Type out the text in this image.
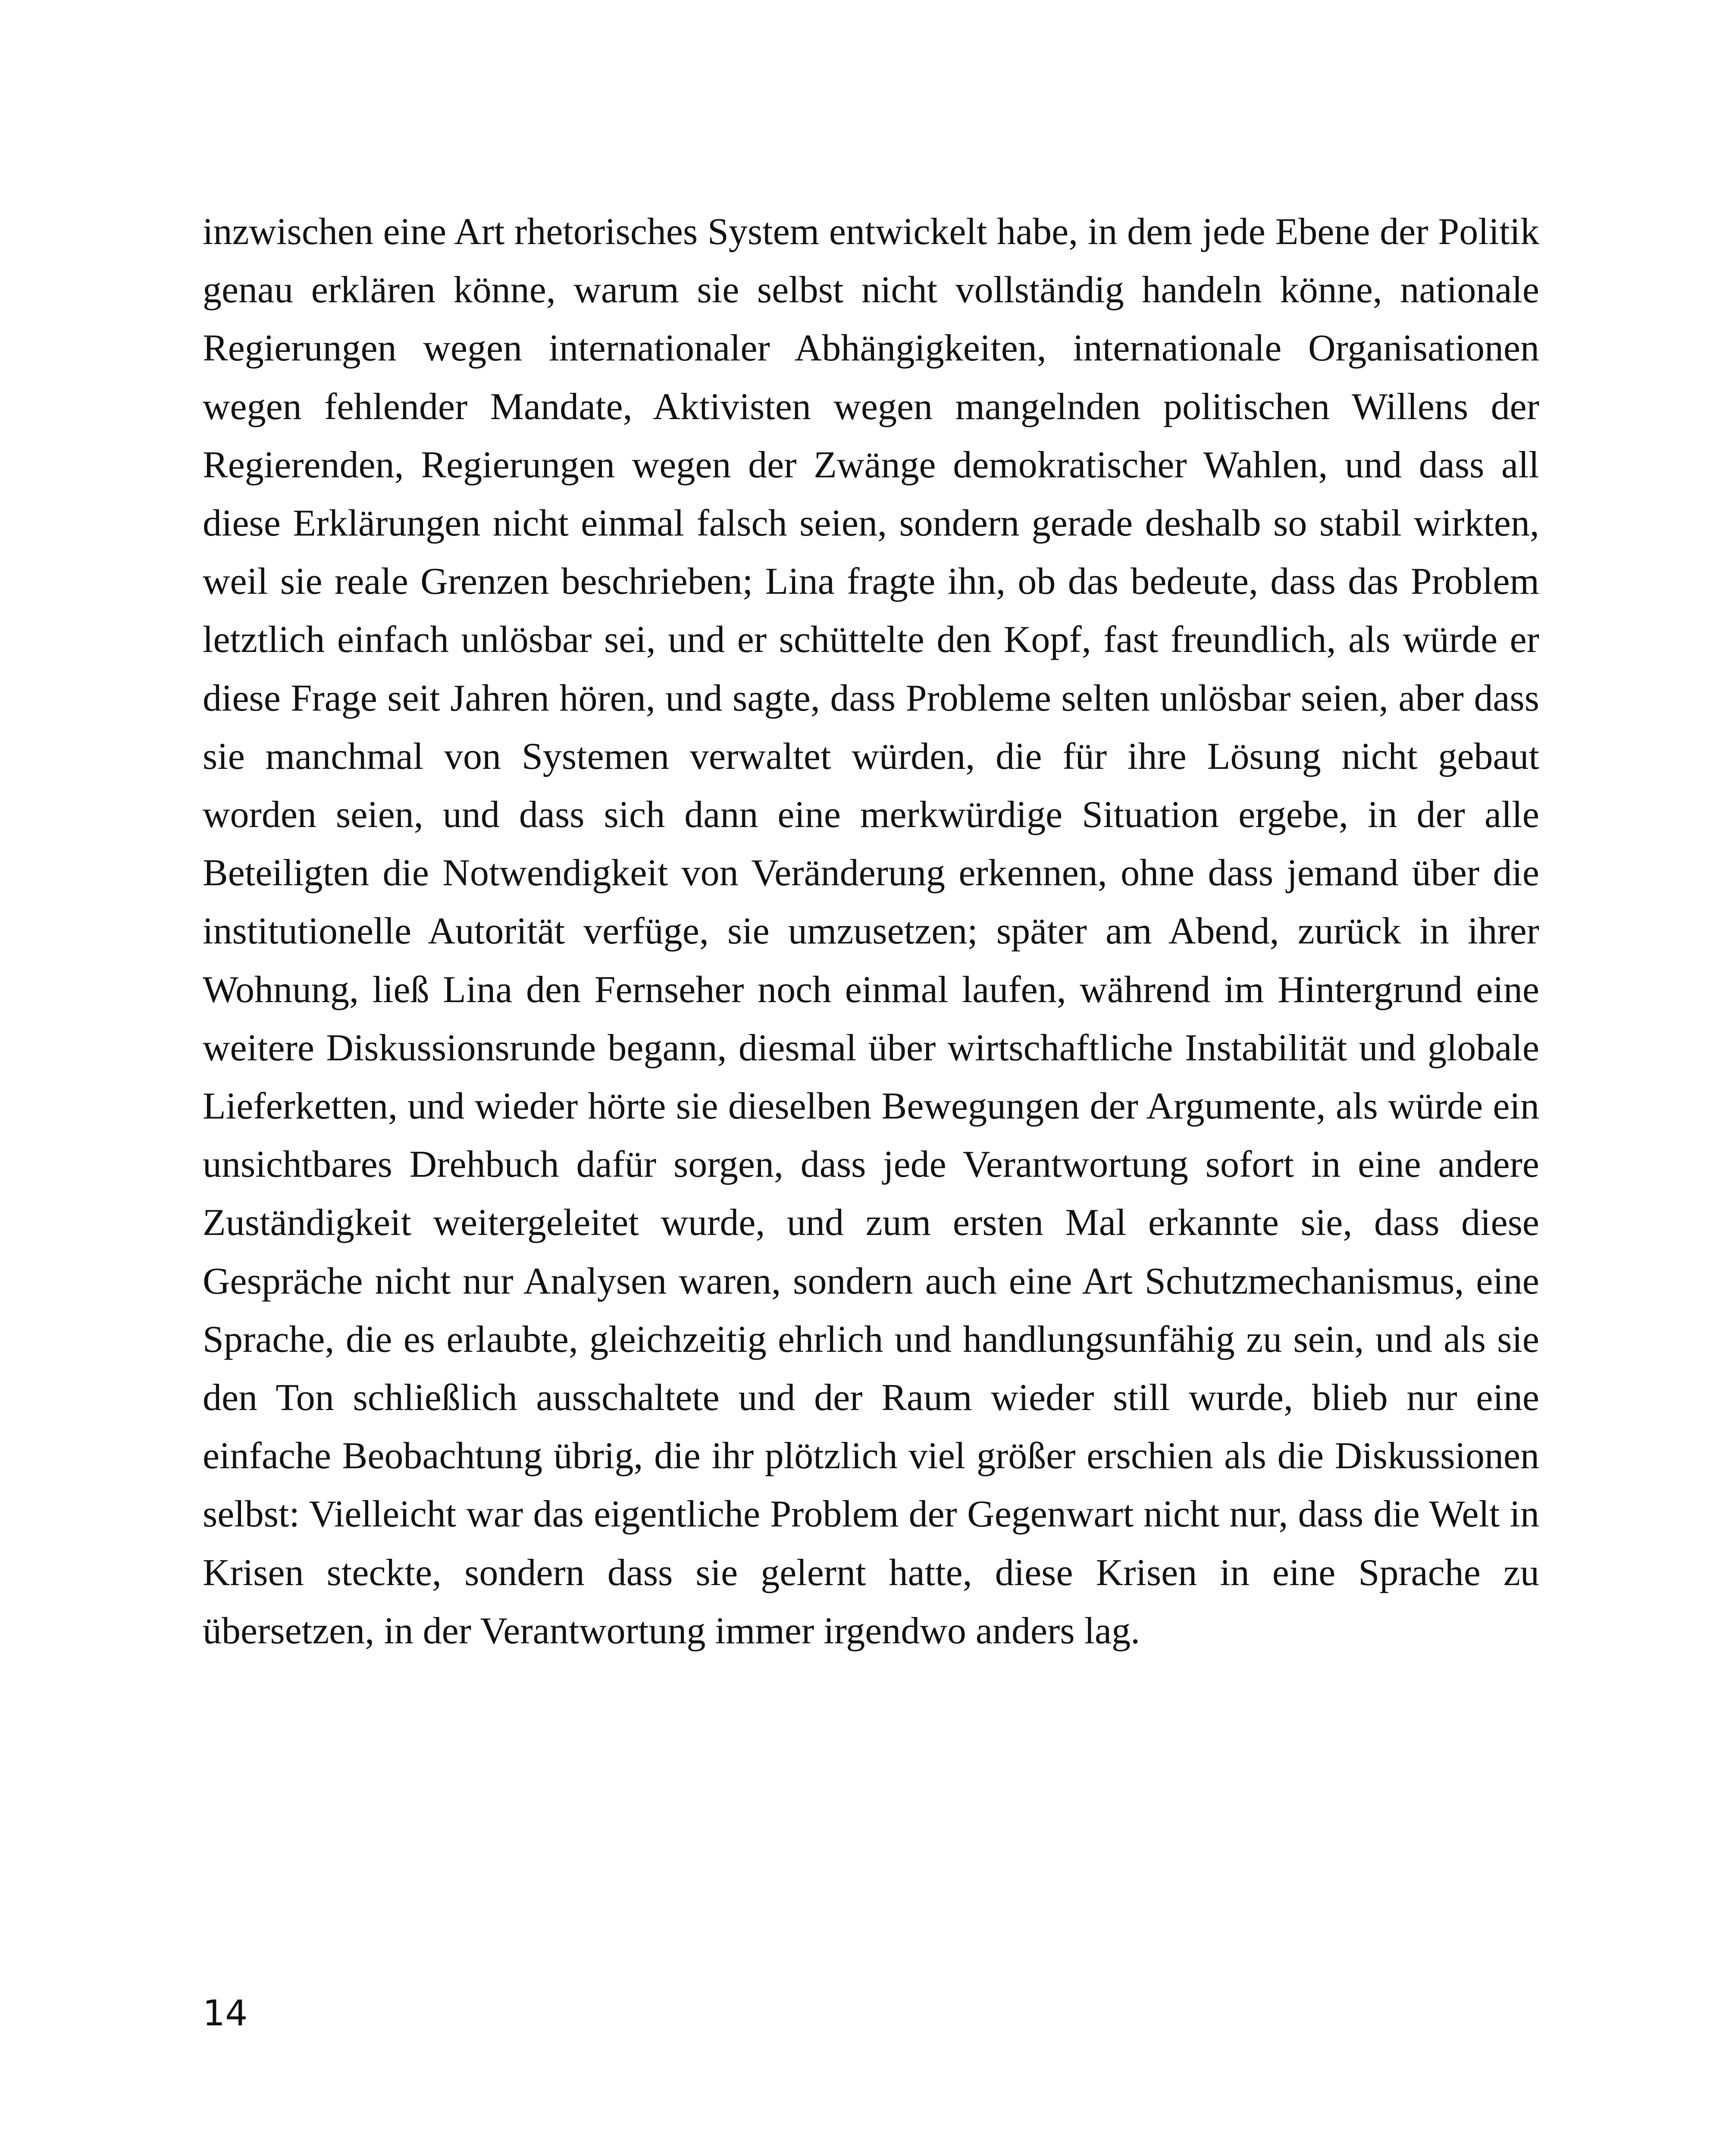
inzwischen eine Art rhetorisches System entwickelt habe, in dem jede Ebene der Politik genau erklären könne, warum sie selbst nicht vollständig handeln könne, nationale Regierungen wegen internationaler Abhängigkeiten, internationale Organisationen wegen fehlender Mandate, Aktivisten wegen mangelnden politischen Willens der Regierenden, Regierungen wegen der Zwänge demokratischer Wahlen, und dass all diese Erklärungen nicht einmal falsch seien, sondern gerade deshalb so stabil wirkten, weil sie reale Grenzen beschrieben; Lina fragte ihn, ob das bedeute, dass das Problem letztlich einfach unlösbar sei, und er schüttelte den Kopf, fast freundlich, als würde er diese Frage seit Jahren hören, und sagte, dass Probleme selten unlösbar seien, aber dass sie manchmal von Systemen verwaltet würden, die für ihre Lösung nicht gebaut worden seien, und dass sich dann eine merkwürdige Situation ergebe, in der alle Beteiligten die Notwendigkeit von Veränderung erkennen, ohne dass jemand über die institutionelle Autorität verfüge, sie umzusetzen; später am Abend, zurück in ihrer Wohnung, ließ Lina den Fernseher noch einmal laufen, während im Hintergrund eine weitere Diskussionsrunde begann, diesmal über wirtschaftliche Instabilität und globale Lieferketten, und wieder hörte sie dieselben Bewegungen der Argumente, als würde ein unsichtbares Drehbuch dafür sorgen, dass jede Verantwortung sofort in eine andere Zuständigkeit weitergeleitet wurde, und zum ersten Mal erkannte sie, dass diese Gespräche nicht nur Analysen waren, sondern auch eine Art Schutzmechanismus, eine Sprache, die es erlaubte, gleichzeitig ehrlich und handlungsunfähig zu sein, und als sie den Ton schließlich ausschaltete und der Raum wieder still wurde, blieb nur eine einfache Beobachtung übrig, die ihr plötzlich viel größer erschien als die Diskussionen selbst: Vielleicht war das eigentliche Problem der Gegenwart nicht nur, dass die Welt in Krisen steckte, sondern dass sie gelernt hatte, diese Krisen in eine Sprache zu übersetzen, in der Verantwortung immer irgendwo anders lag.

14
